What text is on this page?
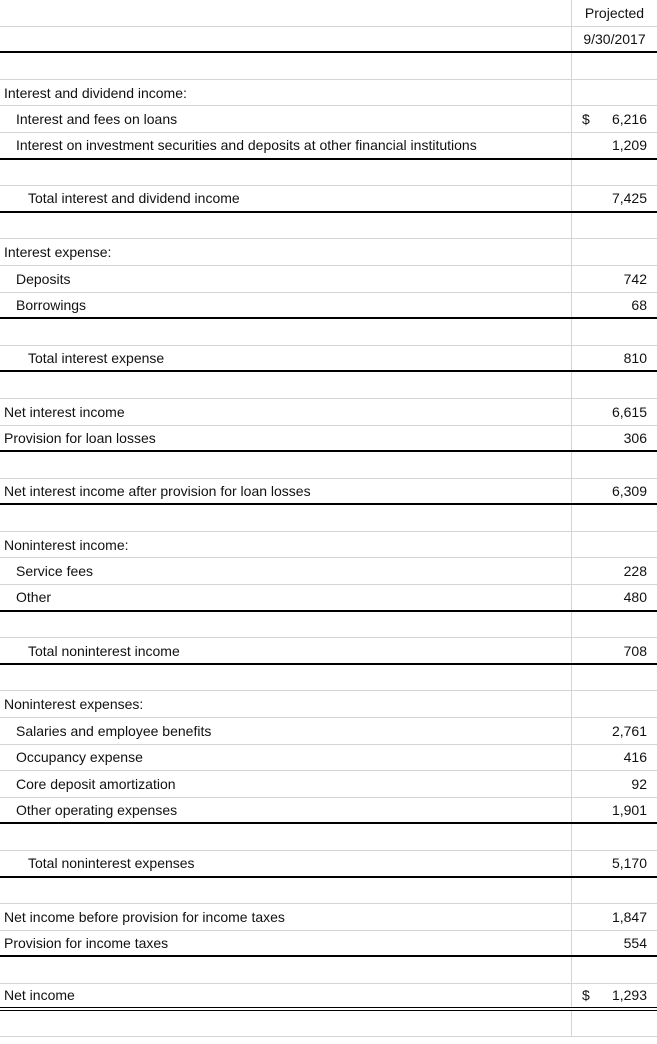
Projected
9/30/2017
Interest and dividend income:
Interest and fees on loans	$ 6,216
Interest on investment securities and deposits at other financial institutions	1,209
Total interest and dividend income	7,425
Interest expense:
Deposits	742
Borrowings	68
Total interest expense	810
Net interest income	6,615
Provision for loan losses	306
Net interest income after provision for loan losses	6,309
Noninterest income:
Service fees	228
Other	480
Total noninterest income	708
Noninterest expenses:
Salaries and employee benefits	2,761
Occupancy expense	416
Core deposit amortization	92
Other operating expenses	1,901
Total noninterest expenses	5,170
Net income before provision for income taxes	1,847
Provision for income taxes	554
Net income	$ 1,293
